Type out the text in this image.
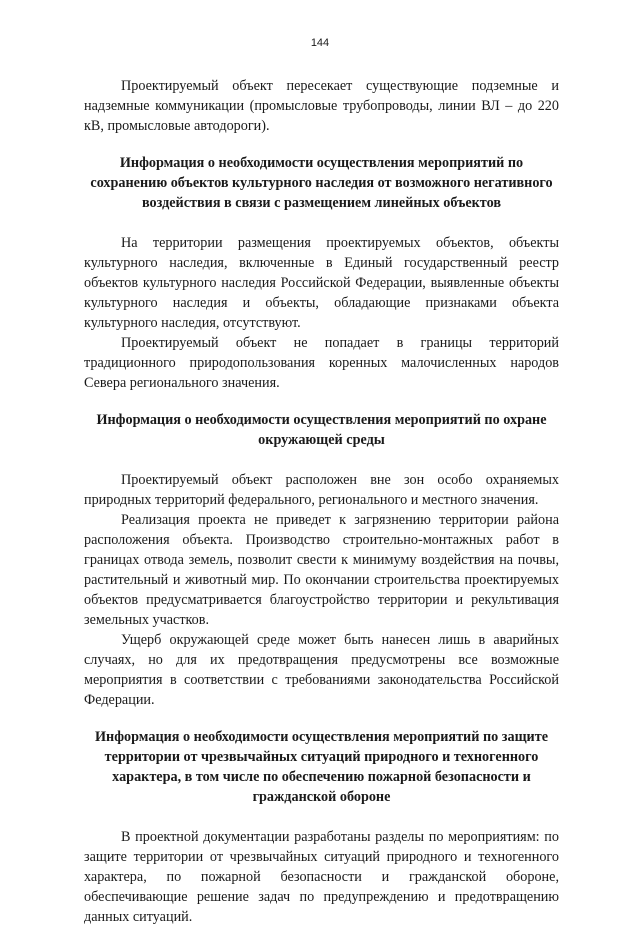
144

Проектируемый объект пересекает существующие подземные и надземные коммуникации (промысловые трубопроводы, линии ВЛ – до 220 кВ, промысловые автодороги).

Информация о необходимости осуществления мероприятий по сохранению объектов культурного наследия от возможного негативного воздействия в связи с размещением линейных объектов

На территории размещения проектируемых объектов, объекты культурного наследия, включенные в Единый государственный реестр объектов культурного наследия Российской Федерации, выявленные объекты культурного наследия и объекты, обладающие признаками объекта культурного наследия, отсутствуют.

Проектируемый объект не попадает в границы территорий традиционного природопользования коренных малочисленных народов Севера регионального значения.

Информация о необходимости осуществления мероприятий по охране окружающей среды

Проектируемый объект расположен вне зон особо охраняемых природных территорий федерального, регионального и местного значения.

Реализация проекта не приведет к загрязнению территории района расположения объекта. Производство строительно-монтажных работ в границах отвода земель, позволит свести к минимуму воздействия на почвы, растительный и животный мир. По окончании строительства проектируемых объектов предусматривается благоустройство территории и рекультивация земельных участков.

Ущерб окружающей среде может быть нанесен лишь в аварийных случаях, но для их предотвращения предусмотрены все возможные мероприятия в соответствии с требованиями законодательства Российской Федерации.

Информация о необходимости осуществления мероприятий по защите территории от чрезвычайных ситуаций природного и техногенного характера, в том числе по обеспечению пожарной безопасности и гражданской обороне

В проектной документации разработаны разделы по мероприятиям: по защите территории от чрезвычайных ситуаций природного и техногенного характера, по пожарной безопасности и гражданской обороне, обеспечивающие решение задач по предупреждению и предотвращению данных ситуаций.
